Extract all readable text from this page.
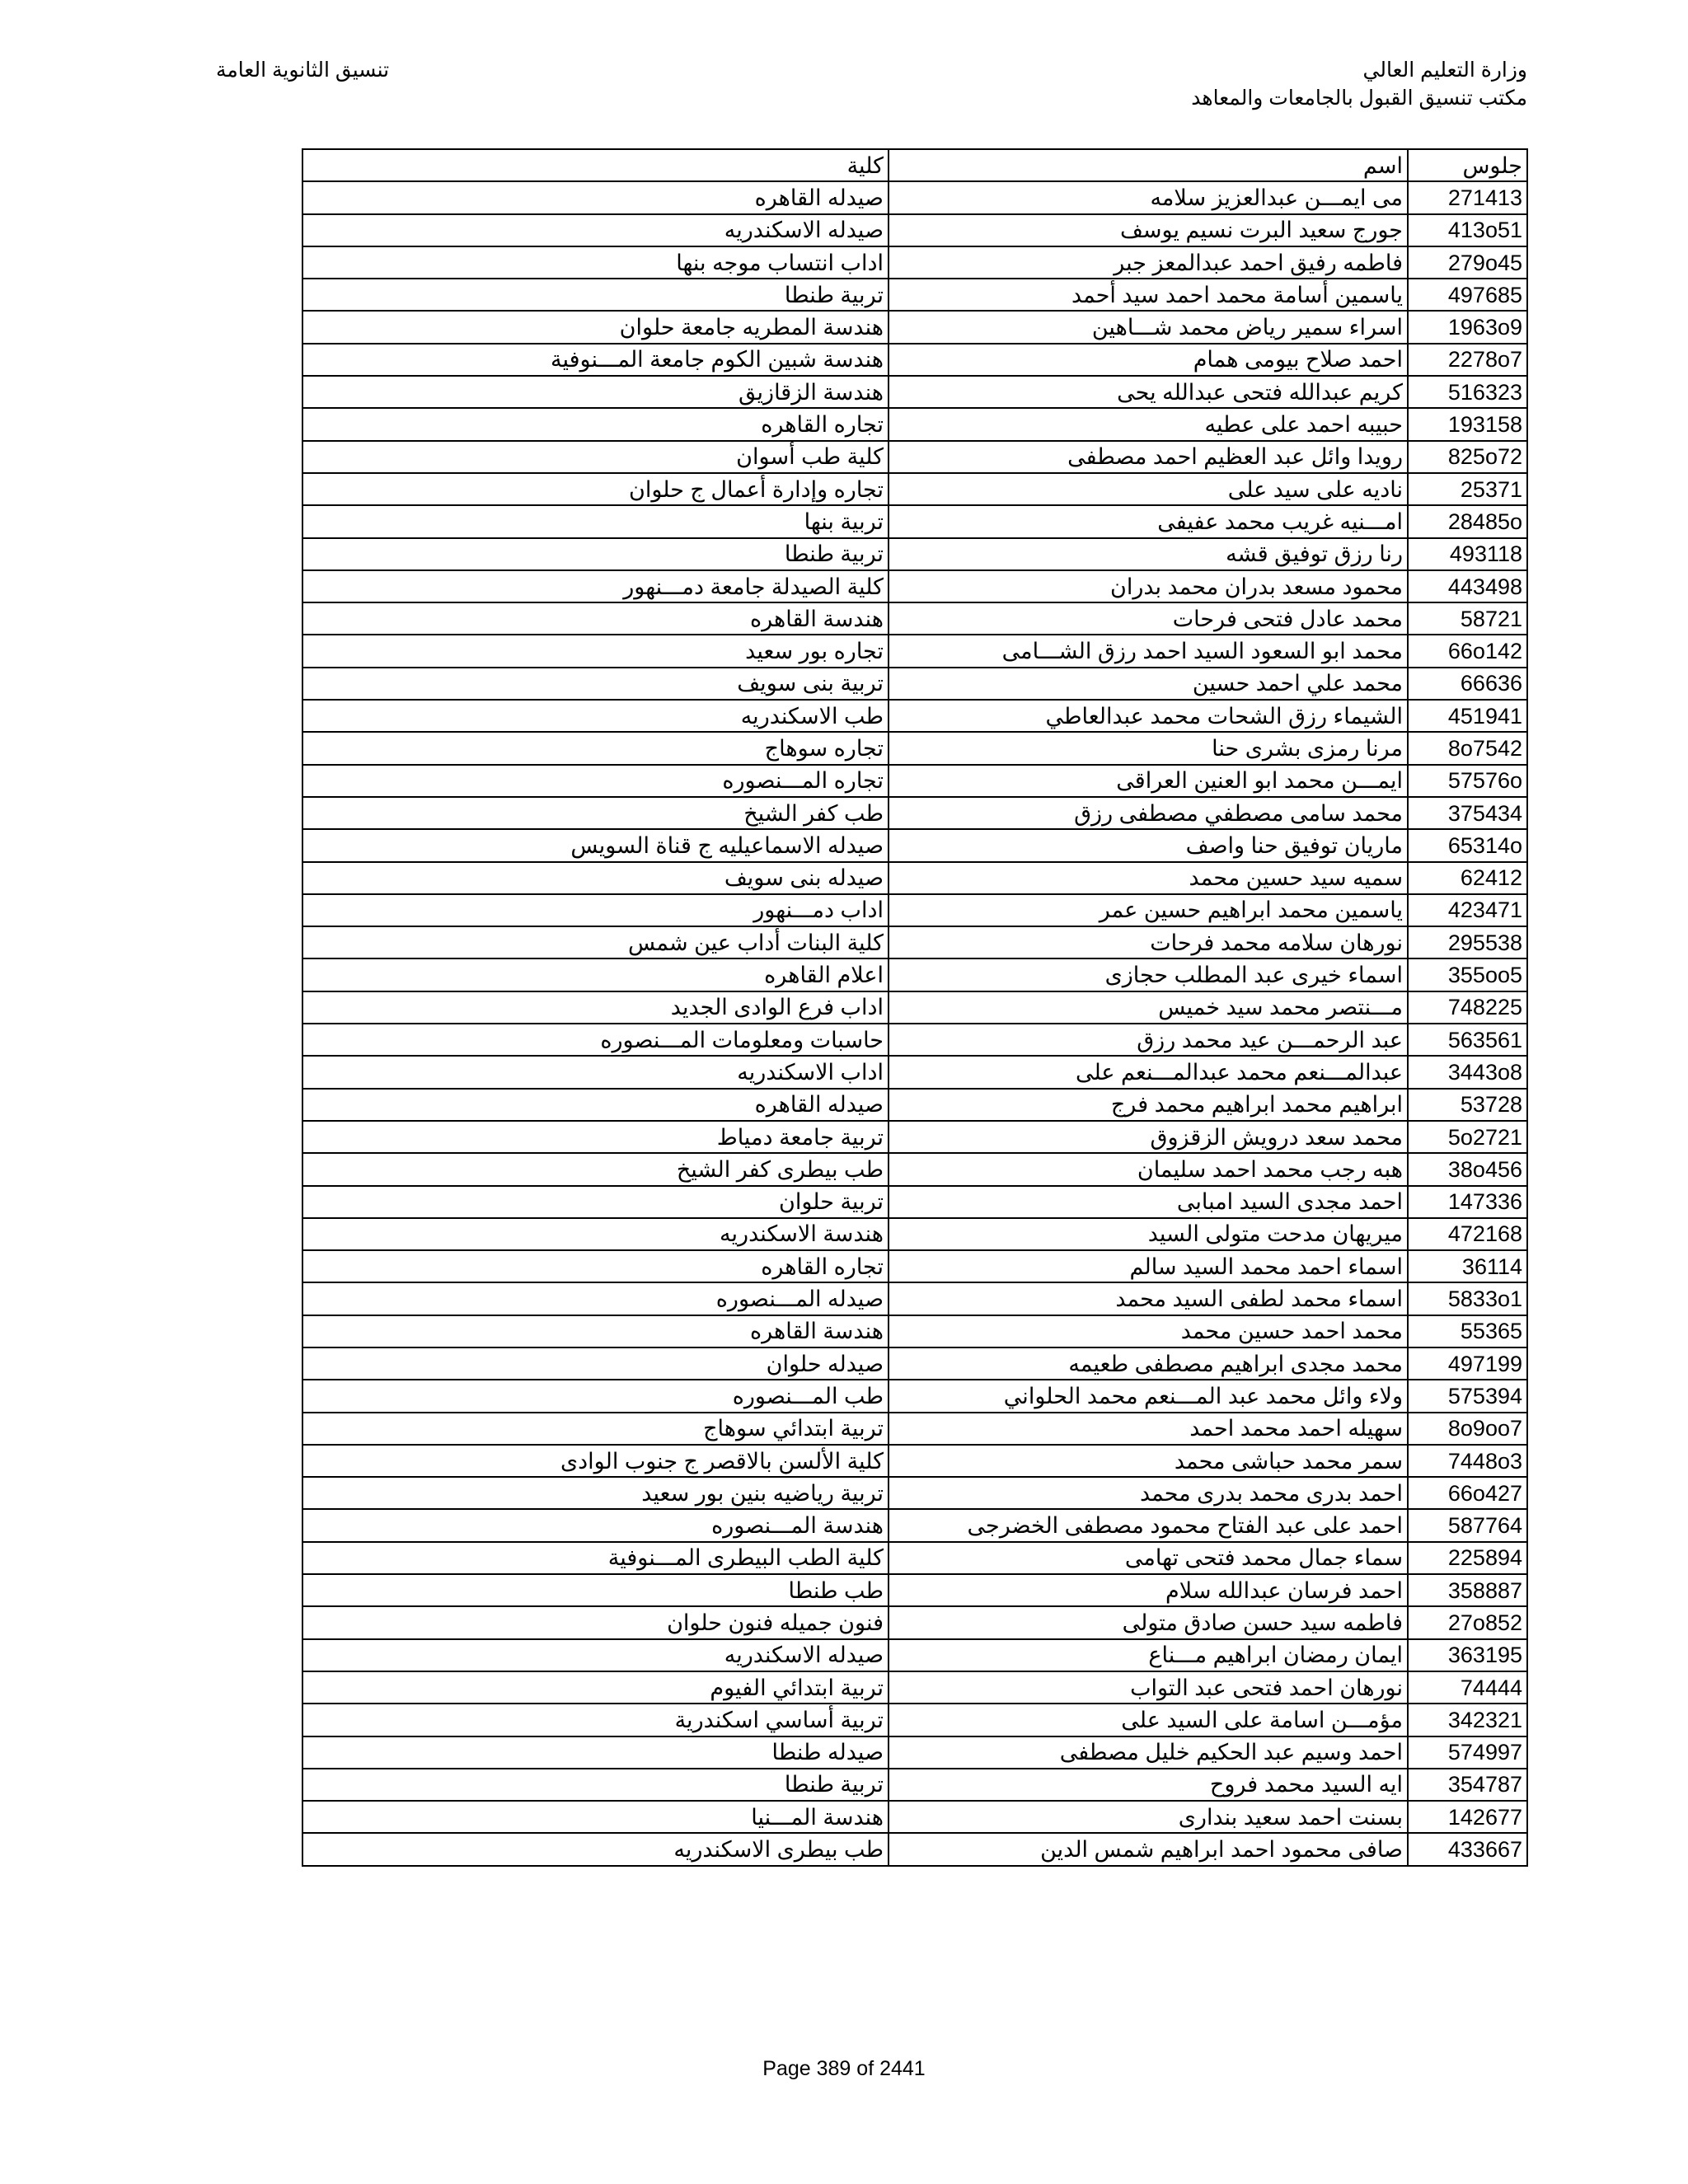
وزارة التعليم العالي
مكتب تنسيق القبول بالجامعات والمعاهد
تنسيق الثانوية العامة
جلوس	اسم	كلية
271413	مى ايمـــن عبدالعزيز سلامه	صيدله القاهره
413o51	جورج سعيد البرت نسيم يوسف	صيدله الاسكندريه
279o45	فاطمه رفيق احمد عبدالمعز جبر	اداب انتساب موجه بنها
497685	ياسمين أسامة محمد احمد سيد أحمد	تربية طنطا
1963o9	اسراء سمير رياض محمد شـــاهين	هندسة المطريه جامعة حلوان
2278o7	احمد صلاح بيومى همام	هندسة شبين الكوم جامعة المـــنوفية
516323	كريم عبدالله فتحى عبدالله يحى	هندسة الزقازيق
193158	حبيبه احمد على عطيه	تجاره القاهره
825o72	رويدا وائل عبد العظيم احمد مصطفى	كلية طب أسوان
25371	ناديه على سيد على	تجاره وإدارة أعمال ج حلوان
28485o	امـــنيه غريب محمد عفيفى	تربية بنها
493118	رنا رزق توفيق قشه	تربية طنطا
443498	محمود مسعد بدران محمد بدران	كلية الصيدلة جامعة دمـــنهور
58721	محمد عادل فتحى فرحات	هندسة القاهره
66o142	محمد ابو السعود السيد احمد رزق الشـــامى	تجاره بور سعيد
66636	محمد علي احمد حسين	تربية بنى سويف
451941	الشيماء رزق الشحات محمد عبدالعاطي	طب الاسكندريه
8o7542	مرنا رمزى بشرى حنا	تجاره سوهاج
57576o	ايمـــن محمد ابو العنين العراقى	تجاره المـــنصوره
375434	محمد سامى مصطفي مصطفى رزق	طب كفر الشيخ
65314o	ماريان توفيق حنا واصف	صيدله الاسماعيليه ج قناة السويس
62412	سميه سيد حسين محمد	صيدله بنى سويف
423471	ياسمين محمد ابراهيم حسين عمر	اداب دمـــنهور
295538	نورهان سلامه محمد فرحات	كلية البنات أداب عين شمس
355oo5	اسماء خيرى عبد المطلب حجازى	اعلام القاهره
748225	مـــنتصر محمد سيد خميس	اداب فرع الوادى الجديد
563561	عبد الرحمـــن عيد محمد رزق	حاسبات ومعلومات المـــنصوره
3443o8	عبدالمـــنعم محمد عبدالمـــنعم على	اداب الاسكندريه
53728	ابراهيم محمد ابراهيم محمد فرج	صيدله القاهره
5o2721	محمد سعد درويش الزقزوق	تربية جامعة دمياط
38o456	هبه رجب محمد احمد سليمان	طب بيطرى كفر الشيخ
147336	احمد مجدى السيد امبابى	تربية حلوان
472168	ميريهان مدحت متولى السيد	هندسة الاسكندريه
36114	اسماء احمد محمد السيد سالم	تجاره القاهره
5833o1	اسماء محمد لطفى السيد محمد	صيدله المـــنصوره
55365	محمد احمد حسين محمد	هندسة القاهره
497199	محمد مجدى ابراهيم مصطفى طعيمه	صيدله حلوان
575394	ولاء وائل محمد عبد المـــنعم محمد الحلواني	طب المـــنصوره
8o9oo7	سهيله احمد محمد احمد	تربية ابتدائي سوهاج
7448o3	سمر محمد حباشى محمد	كلية الألسن بالاقصر ج جنوب الوادى
66o427	احمد بدرى محمد بدرى محمد	تربية رياضيه بنين بور سعيد
587764	احمد على عبد الفتاح محمود مصطفى الخضرجى	هندسة المـــنصوره
225894	سماء جمال محمد فتحى تهامى	كلية الطب البيطرى المـــنوفية
358887	احمد فرسان عبدالله سلام	طب طنطا
27o852	فاطمه سيد حسن صادق متولى	فنون جميله فنون حلوان
363195	ايمان رمضان ابراهيم مـــناع	صيدله الاسكندريه
74444	نورهان احمد فتحى عبد التواب	تربية ابتدائي الفيوم
342321	مؤمـــن اسامة على السيد على	تربية أساسي اسكندرية
574997	احمد وسيم عبد الحكيم خليل مصطفى	صيدله طنطا
354787	ايه السيد محمد فروح	تربية طنطا
142677	بسنت احمد سعيد بندارى	هندسة المـــنيا
433667	صافى محمود احمد ابراهيم شمس الدين	طب بيطرى الاسكندريه
Page 389 of 2441
